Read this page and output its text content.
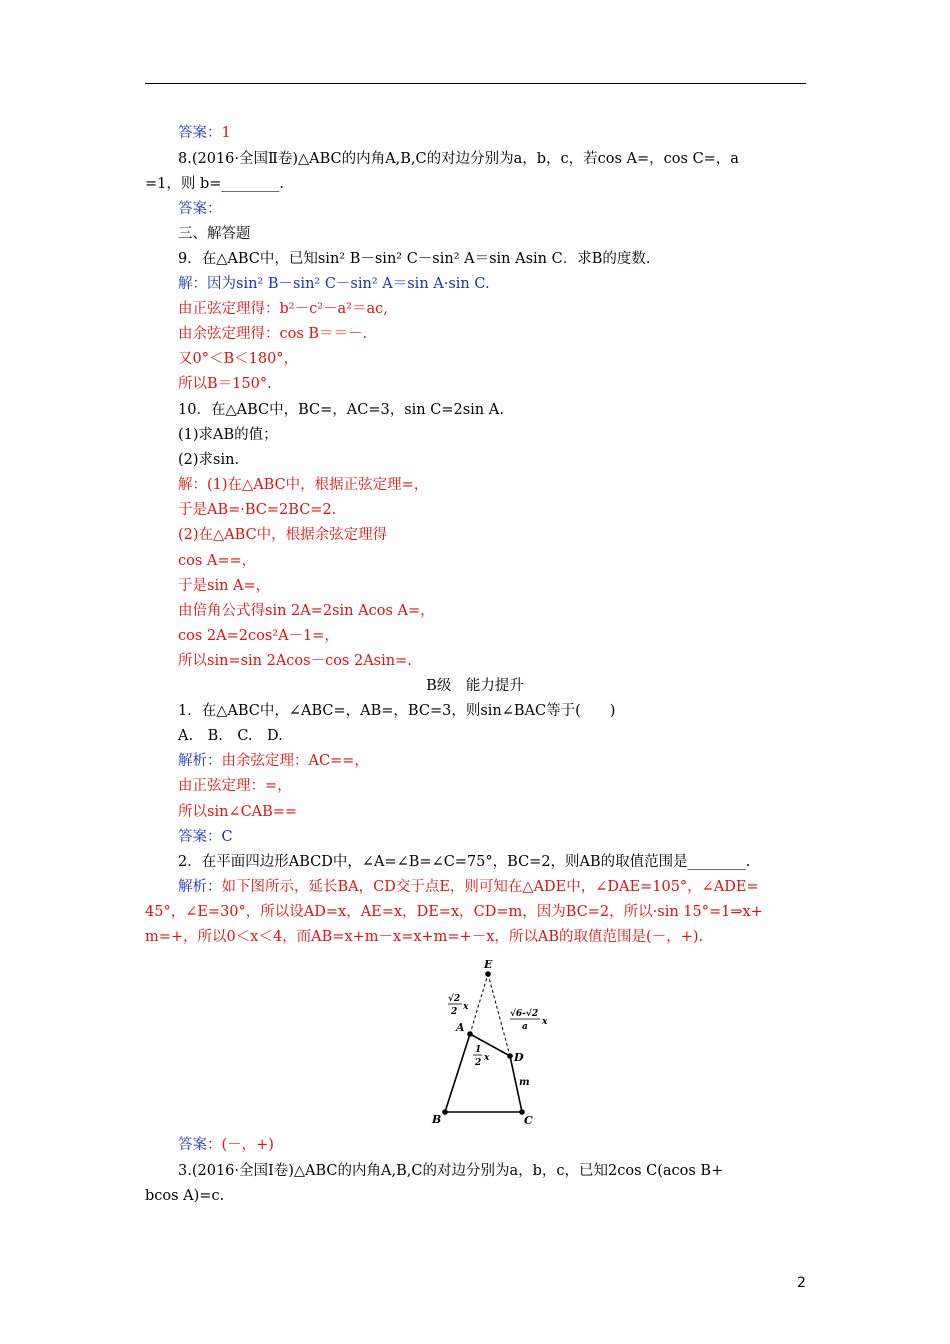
答案：1
8.(2016·全国Ⅱ卷)△ABC的内角A,B,C的对边分别为a，b，c，若cos A=，cos C=，a
=1，则 b=________.
答案：
三、解答题
9．在△ABC中，已知sin² B－sin² C－sin² A＝sin Asin C．求B的度数.
解：因为sin² B－sin² C－sin² A＝sin A·sin C.
由正弦定理得：b²－c²－a²＝ac,
由余弦定理得：cos B＝＝－.
又0°＜B＜180°，
所以B＝150°.
10．在△ABC中，BC=，AC=3，sin C=2sin A.
(1)求AB的值；
(2)求sin.
解：(1)在△ABC中，根据正弦定理=，
于是AB=·BC=2BC=2.
(2)在△ABC中，根据余弦定理得
cos A==，
于是sin A=，
由倍角公式得sin 2A=2sin Acos A=，
cos 2A=2cos²A－1=，
所以sin=sin 2Acos－cos 2Asin=.
B级　能力提升
1．在△ABC中，∠ABC=，AB=，BC=3，则sin∠BAC等于(　　)
A.　B.　C.　D.
解析：由余弦定理：AC==，
由正弦定理：=，
所以sin∠CAB==
答案：C
2．在平面四边形ABCD中，∠A=∠B=∠C=75°，BC=2，则AB的取值范围是________.
解析：如下图所示，延长BA，CD交于点E，则可知在△ADE中，∠DAE=105°，∠ADE=
45°，∠E=30°，所以设AD=x，AE=x，DE=x，CD=m，因为BC=2，所以·sin 15°=1⇒x+
m=+，所以0＜x＜4，而AB=x+m－x=x+m=+－x，所以AB的取值范围是(－，+).
E
A
D
B	C
m
√2
2 x
√6-√2
a x
1
2 x
答案：(－，+)
3.(2016·全国Ⅰ卷)△ABC的内角A,B,C的对边分别为a，b，c，已知2cos C(acos B+
bcos A)=c.
2
